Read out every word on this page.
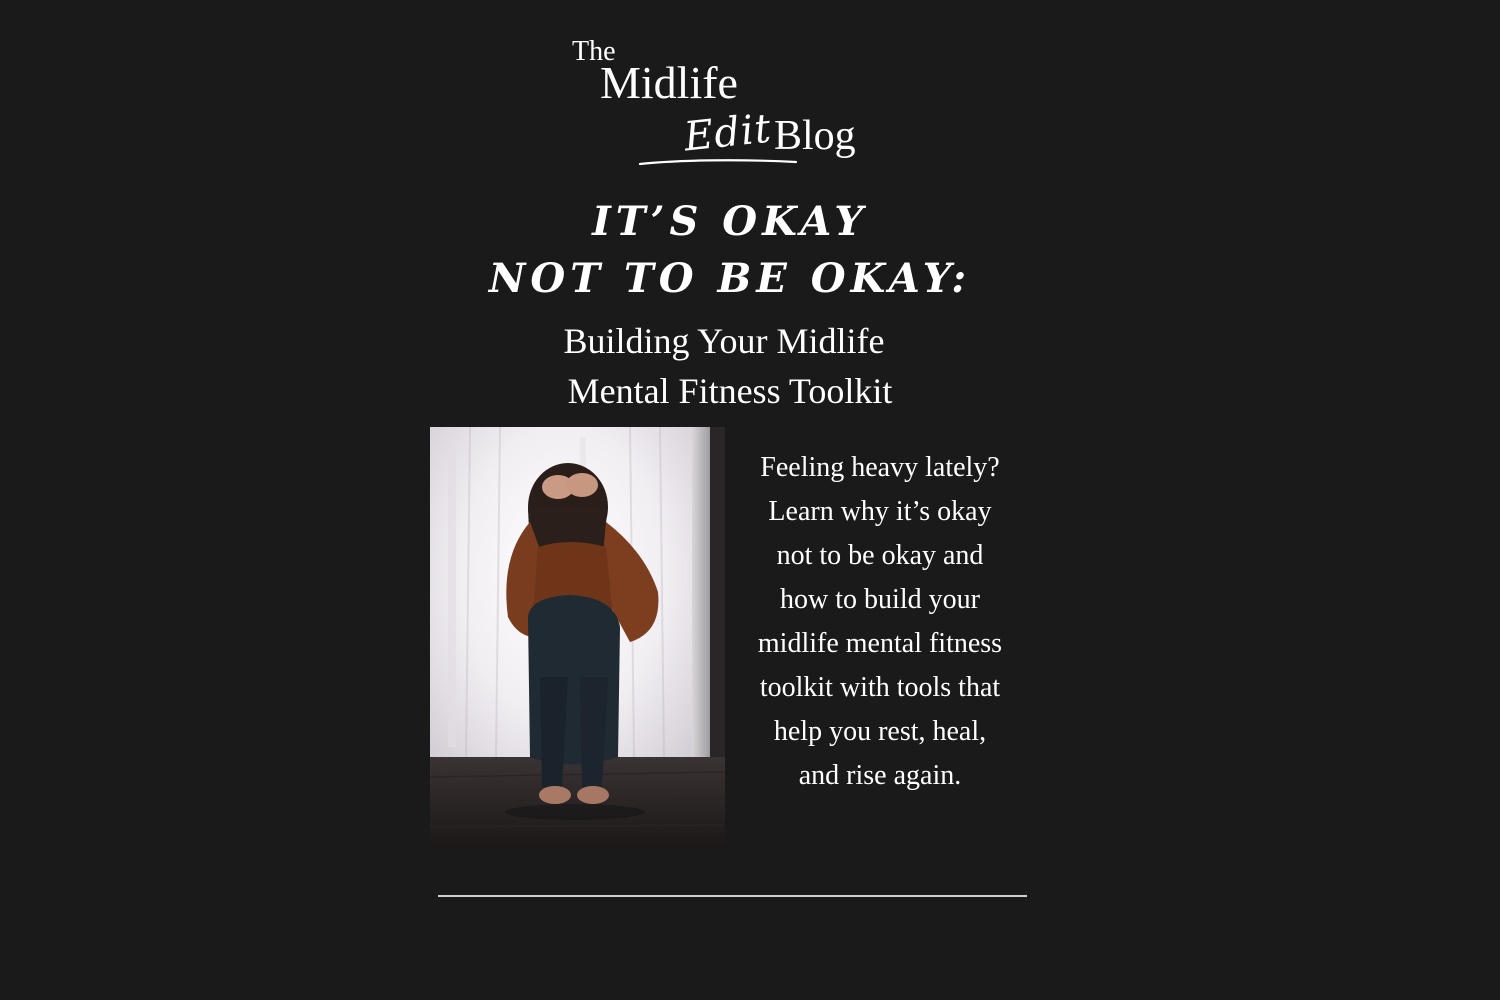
The
Midlife
Edit Blog
IT’S OKAY
NOT TO BE OKAY:
Building Your Midlife
Mental Fitness Toolkit
Feeling heavy lately?
Learn why it’s okay
not to be okay and
how to build your
midlife mental fitness
toolkit with tools that
help you rest, heal,
and rise again.
